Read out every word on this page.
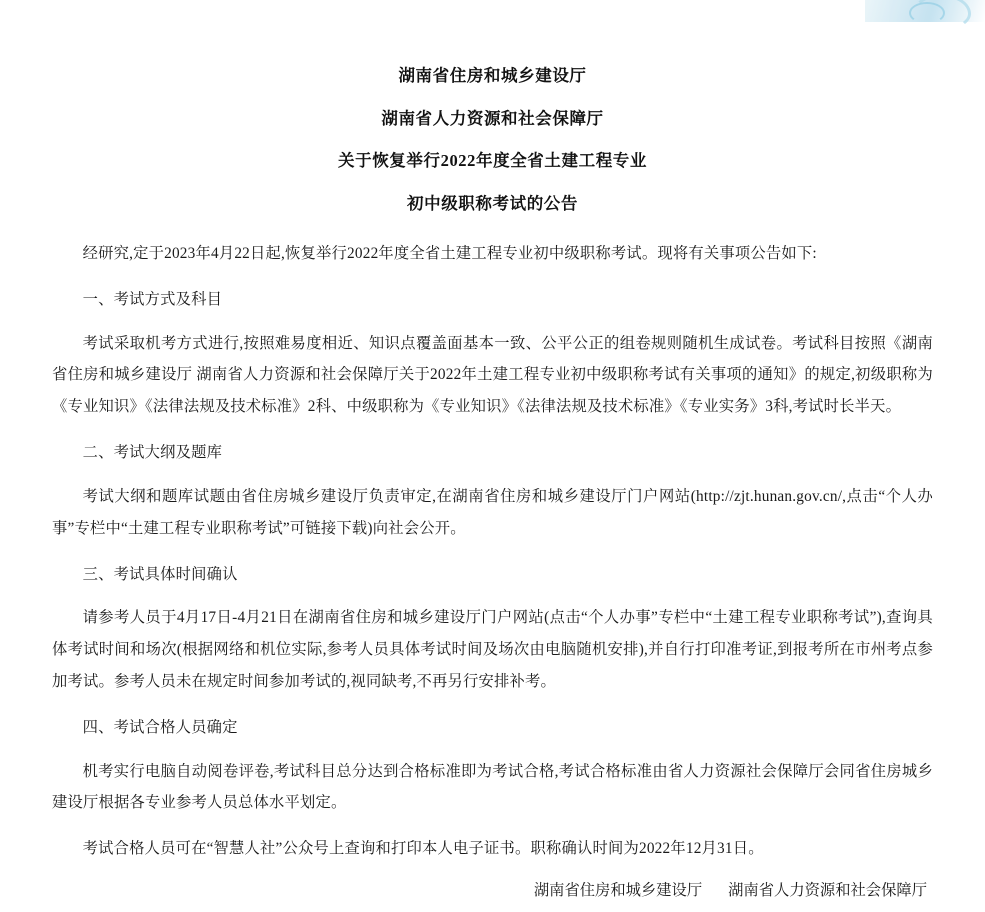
湖南省住房和城乡建设厅
湖南省人力资源和社会保障厅
关于恢复举行2022年度全省土建工程专业
初中级职称考试的公告

经研究,定于2023年4月22日起,恢复举行2022年度全省土建工程专业初中级职称考试。现将有关事项公告如下:

一、考试方式及科目

考试采取机考方式进行,按照难易度相近、知识点覆盖面基本一致、公平公正的组卷规则随机生成试卷。考试科目按照《湖南省住房和城乡建设厅 湖南省人力资源和社会保障厅关于2022年土建工程专业初中级职称考试有关事项的通知》的规定,初级职称为《专业知识》《法律法规及技术标准》2科、中级职称为《专业知识》《法律法规及技术标准》《专业实务》3科,考试时长半天。

二、考试大纲及题库

考试大纲和题库试题由省住房城乡建设厅负责审定,在湖南省住房和城乡建设厅门户网站(http://zjt.hunan.gov.cn/,点击“个人办事”专栏中“土建工程专业职称考试”可链接下载)向社会公开。

三、考试具体时间确认

请参考人员于4月17日-4月21日在湖南省住房和城乡建设厅门户网站(点击“个人办事”专栏中“土建工程专业职称考试”),查询具体考试时间和场次(根据网络和机位实际,参考人员具体考试时间及场次由电脑随机安排),并自行打印准考证,到报考所在市州考点参加考试。参考人员未在规定时间参加考试的,视同缺考,不再另行安排补考。

四、考试合格人员确定

机考实行电脑自动阅卷评卷,考试科目总分达到合格标准即为考试合格,考试合格标准由省人力资源社会保障厅会同省住房城乡建设厅根据各专业参考人员总体水平划定。

考试合格人员可在“智慧人社”公众号上查询和打印本人电子证书。职称确认时间为2022年12月31日。

湖南省住房和城乡建设厅 湖南省人力资源和社会保障厅
